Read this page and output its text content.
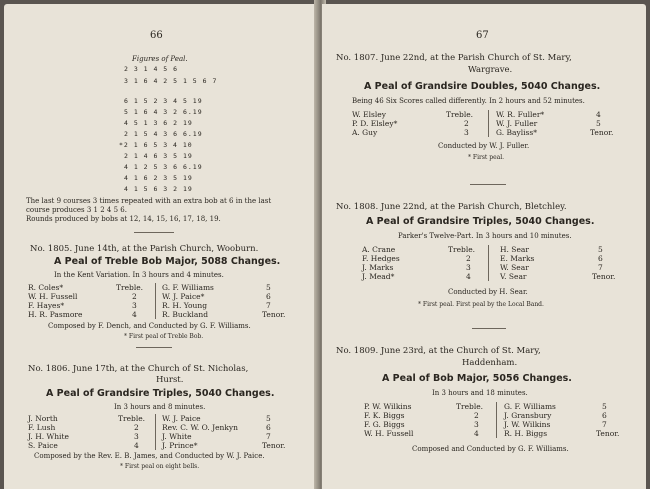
66
Figures of Peal.
2 3 1 4 5 6
3 1 6 4 2 5 1 5 6 7
6 1 5 2 3 4 5 19
5 1 6 4 3 2 6.19
4 5 1 3 6 2 19
2 1 5 4 3 6 6.19
*2 1 6 5 3 4 10
2 1 4 6 3 5 19
4 1 2 5 3 6 6.19
4 1 6 2 3 5 19
4 1 5 6 3 2 19
The last 9 courses 3 times repeated with an extra bob at 6 in the last
course produces 3 1 2 4 5 6.
Rounds produced by bobs at 12, 14, 15, 16, 17, 18, 19.
No. 1805. June 14th, at the Parish Church, Wooburn.
A Peal of Treble Bob Major, 5088 Changes.
In the Kent Variation. In 3 hours and 4 minutes.
R. Coles*	Treble.
W. H. Fussell	2
F. Hayes*	3
H. R. Pasmore	4
G. F. Williams	5
W. J. Paice*	6
R. H. Young	7
R. Buckland	Tenor.
Composed by F. Dench, and Conducted by G. F. Williams.
* First peal of Treble Bob.
No. 1806. June 17th, at the Church of St. Nicholas,
Hurst.
A Peal of Grandsire Triples, 5040 Changes.
In 3 hours and 8 minutes.
J. North	Treble.
F. Lush	2
J. H. White	3
S. Paice	4
W. J. Paice	5
Rev. C. W. O. Jenkyn	6
J. White	7
J. Prince*	Tenor.
Composed by the Rev. E. B. James, and Conducted by W. J. Paice.
* First peal on eight bells.
67
No. 1807. June 22nd, at the Parish Church of St. Mary,
Wargrave.
A Peal of Grandsire Doubles, 5040 Changes.
Being 46 Six Scores called differently. In 2 hours and 52 minutes.
W. Elsley	Treble.
P. D. Elsley*	2
A. Guy	3
W. R. Fuller*	4
W. J. Fuller	5
G. Bayliss*	Tenor.
Conducted by W. J. Fuller.
* First peal.
No. 1808. June 22nd, at the Parish Church, Bletchley.
A Peal of Grandsire Triples, 5040 Changes.
Parker's Twelve-Part. In 3 hours and 10 minutes.
A. Crane	Treble.
F. Hedges	2
J. Marks	3
J. Mead*	4
H. Sear	5
E. Marks	6
W. Sear	7
V. Sear	Tenor.
Conducted by H. Sear.
* First peal. First peal by the Local Band.
No. 1809. June 23rd, at the Church of St. Mary,
Haddenham.
A Peal of Bob Major, 5056 Changes.
In 3 hours and 18 minutes.
P. W. Wilkins	Treble.
F. K. Biggs	2
F. G. Biggs	3
W. H. Fussell	4
G. F. Williams	5
J. Gransbury	6
J. W. Wilkins	7
R. H. Biggs	Tenor.
Composed and Conducted by G. F. Williams.
